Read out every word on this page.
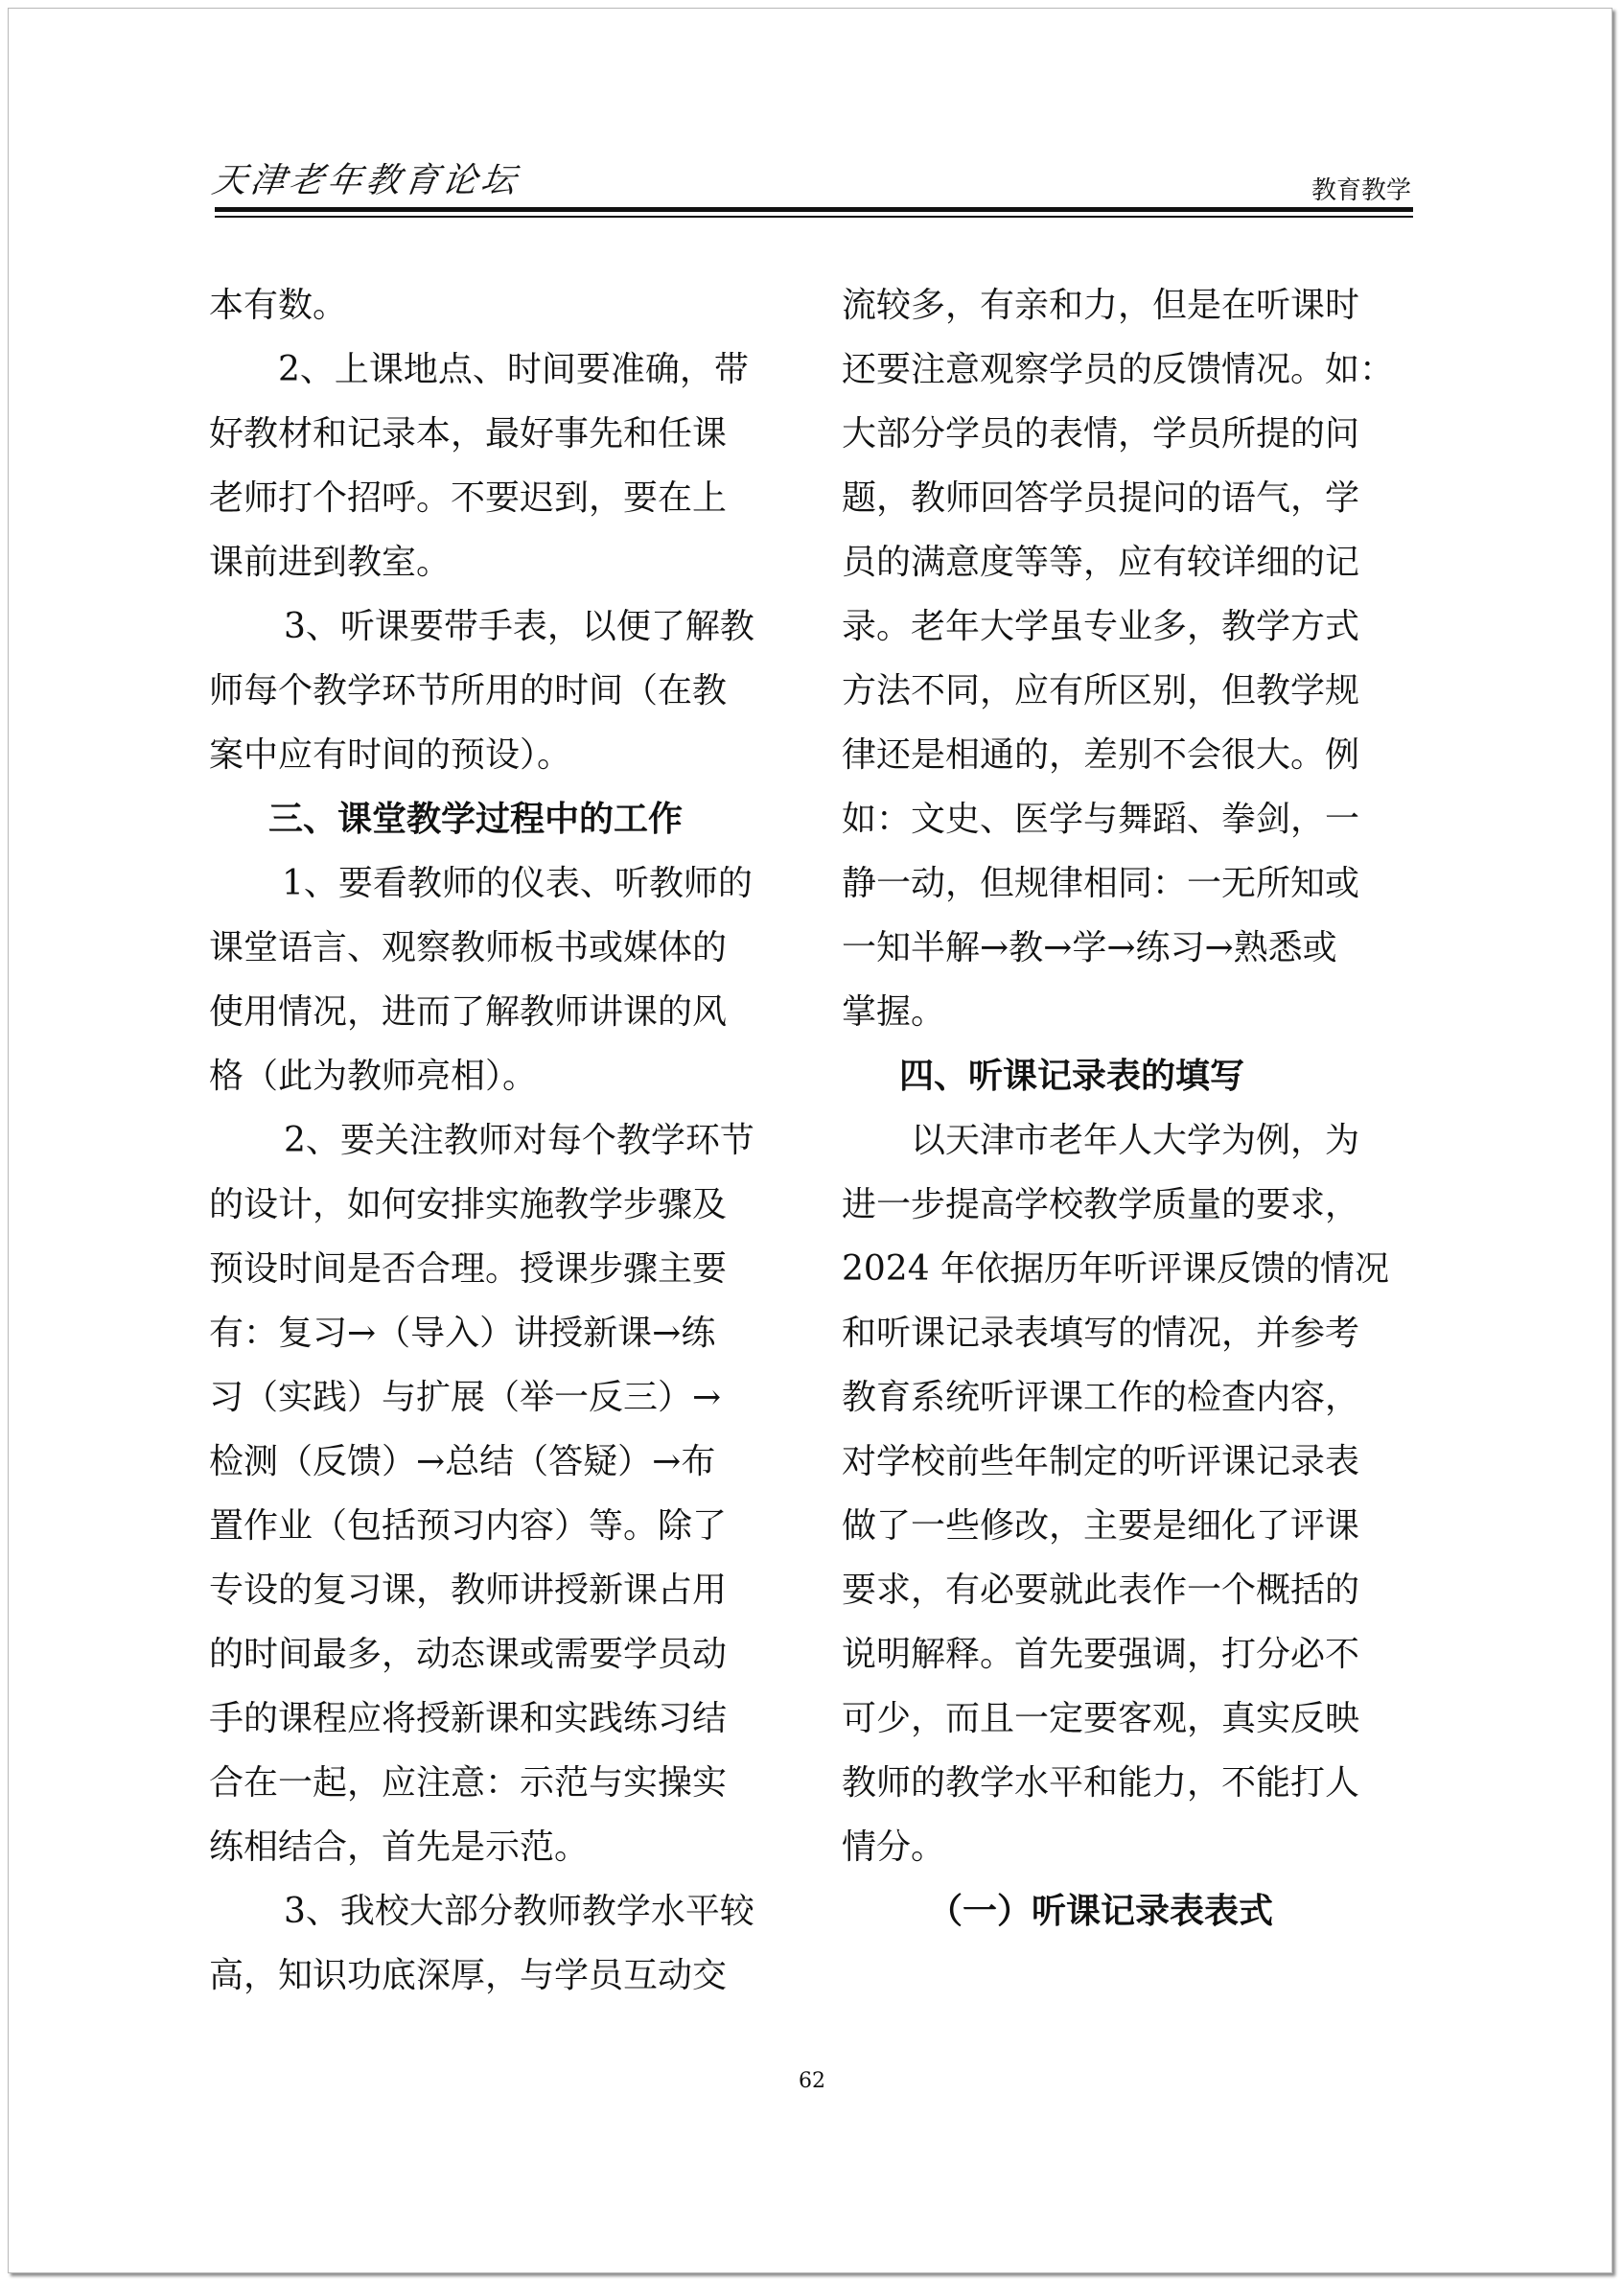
天津老年教育论坛	教育教学

本有数。

2、上课地点、时间要准确，带

好教材和记录本，最好事先和任课

老师打个招呼。不要迟到，要在上

课前进到教室。

3、听课要带手表，以便了解教

师每个教学环节所用的时间（在教

案中应有时间的预设）。

三、课堂教学过程中的工作

1、要看教师的仪表、听教师的

课堂语言、观察教师板书或媒体的

使用情况，进而了解教师讲课的风

格（此为教师亮相）。

2、要关注教师对每个教学环节

的设计，如何安排实施教学步骤及

预设时间是否合理。授课步骤主要

有：复习→（导入）讲授新课→练

习（实践）与扩展（举一反三）→

检测（反馈）→总结（答疑）→布

置作业（包括预习内容）等。除了

专设的复习课，教师讲授新课占用

的时间最多，动态课或需要学员动

手的课程应将授新课和实践练习结

合在一起，应注意：示范与实操实

练相结合，首先是示范。

3、我校大部分教师教学水平较

高，知识功底深厚，与学员互动交

流较多，有亲和力，但是在听课时

还要注意观察学员的反馈情况。如：

大部分学员的表情，学员所提的问

题，教师回答学员提问的语气，学

员的满意度等等，应有较详细的记

录。老年大学虽专业多，教学方式

方法不同，应有所区别，但教学规

律还是相通的，差别不会很大。例

如：文史、医学与舞蹈、拳剑，一

静一动，但规律相同：一无所知或

一知半解→教→学→练习→熟悉或

掌握。

四、听课记录表的填写

以天津市老年人大学为例，为

进一步提高学校教学质量的要求，

2024 年依据历年听评课反馈的情况

和听课记录表填写的情况，并参考

教育系统听评课工作的检查内容，

对学校前些年制定的听评课记录表

做了一些修改，主要是细化了评课

要求，有必要就此表作一个概括的

说明解释。首先要强调，打分必不

可少，而且一定要客观，真实反映

教师的教学水平和能力，不能打人

情分。

（一）听课记录表表式

62
